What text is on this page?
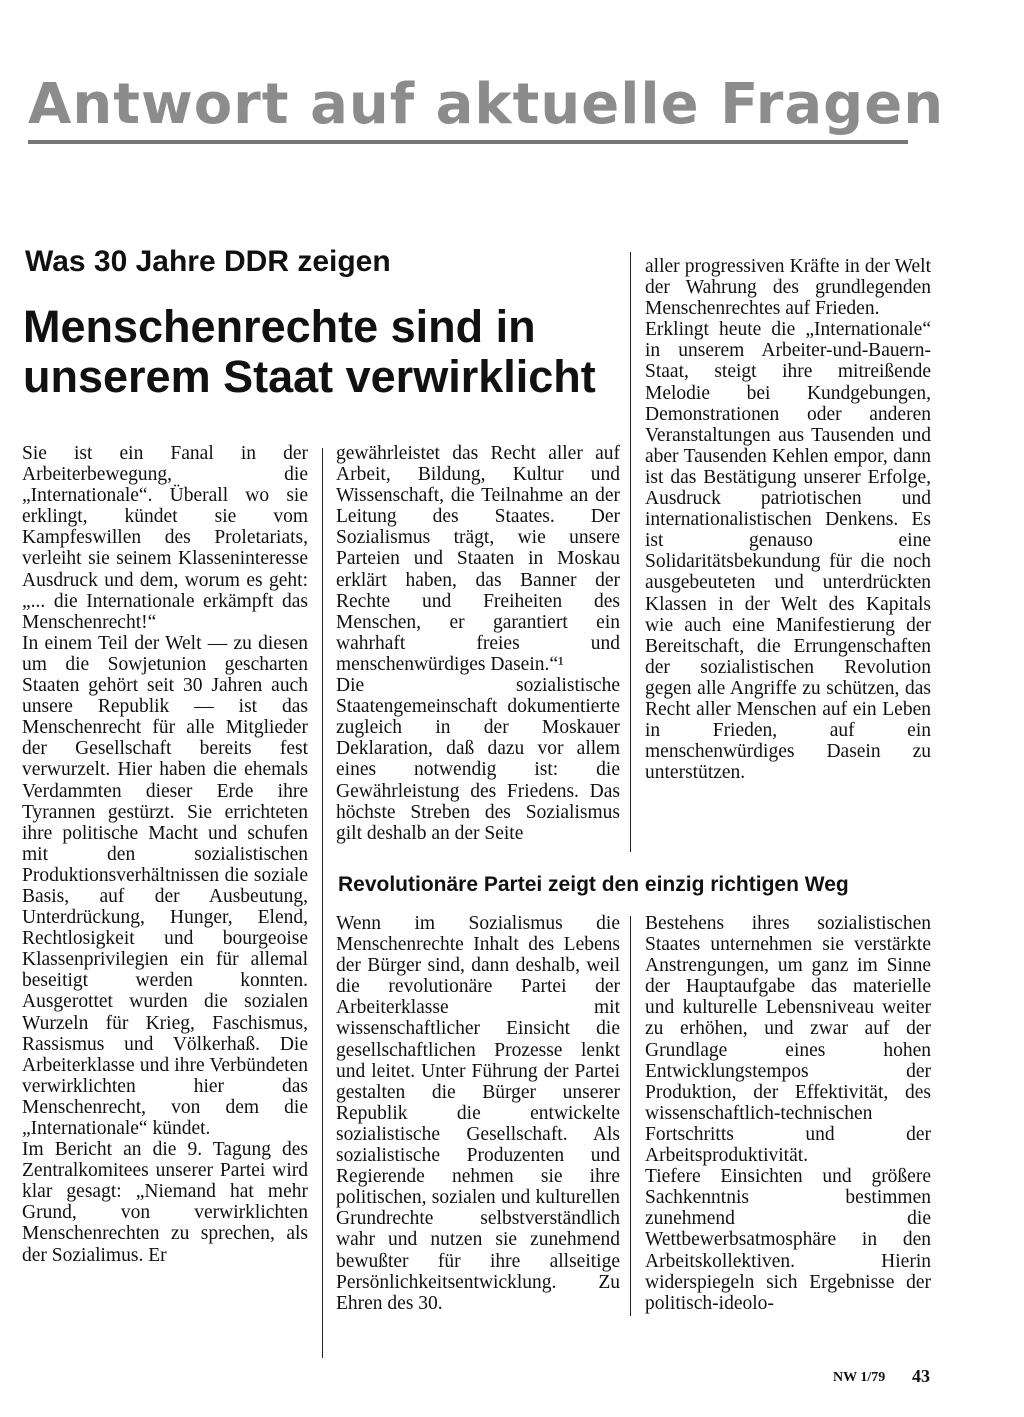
Antwort auf aktuelle Fragen
Was 30 Jahre DDR zeigen
Menschenrechte sind in unserem Staat verwirklicht

Sie ist ein Fanal in der Arbeiterbewegung, die „Internationale“. Überall wo sie erklingt, kündet sie vom Kampfeswillen des Proletariats, verleiht sie seinem Klasseninteresse Ausdruck und dem, worum es geht: „... die Internationale erkämpft das Menschenrecht!“

In einem Teil der Welt — zu diesen um die Sowjetunion gescharten Staaten gehört seit 30 Jahren auch unsere Republik — ist das Menschenrecht für alle Mitglieder der Gesellschaft bereits fest verwurzelt. Hier haben die ehemals Verdammten dieser Erde ihre Tyrannen gestürzt. Sie errichteten ihre politische Macht und schufen mit den sozialistischen Produktionsverhältnissen die soziale Basis, auf der Ausbeutung, Unterdrückung, Hunger, Elend, Rechtlosigkeit und bourgeoise Klassenprivilegien ein für allemal beseitigt werden konnten. Ausgerottet wurden die sozialen Wurzeln für Krieg, Faschismus, Rassismus und Völkerhaß. Die Arbeiterklasse und ihre Verbündeten verwirklichten hier das Menschenrecht, von dem die „Internationale“ kündet.

Im Bericht an die 9. Tagung des Zentralkomitees unserer Partei wird klar gesagt: „Niemand hat mehr Grund, von verwirklichten Menschenrechten zu sprechen, als der Sozialimus. Er

gewährleistet das Recht aller auf Arbeit, Bildung, Kultur und Wissenschaft, die Teilnahme an der Leitung des Staates. Der Sozialismus trägt, wie unsere Parteien und Staaten in Moskau erklärt haben, das Banner der Rechte und Freiheiten des Menschen, er garantiert ein wahrhaft freies und menschenwürdiges Dasein.“¹

Die sozialistische Staatengemeinschaft dokumentierte zugleich in der Moskauer Deklaration, daß dazu vor allem eines notwendig ist: die Gewährleistung des Friedens. Das höchste Streben des Sozialismus gilt deshalb an der Seite

aller progressiven Kräfte in der Welt der Wahrung des grundlegenden Menschenrechtes auf Frieden.

Erklingt heute die „Internationale“ in unserem Arbeiter-und-Bauern-Staat, steigt ihre mitreißende Melodie bei Kundgebungen, Demonstrationen oder anderen Veranstaltungen aus Tausenden und aber Tausenden Kehlen empor, dann ist das Bestätigung unserer Erfolge, Ausdruck patriotischen und internationalistischen Denkens. Es ist genauso eine Solidaritätsbekundung für die noch ausgebeuteten und unterdrückten Klassen in der Welt des Kapitals wie auch eine Manifestierung der Bereitschaft, die Errungenschaften der sozialistischen Revolution gegen alle Angriffe zu schützen, das Recht aller Menschen auf ein Leben in Frieden, auf ein menschenwürdiges Dasein zu unterstützen.

Revolutionäre Partei zeigt den einzig richtigen Weg

Wenn im Sozialismus die Menschenrechte Inhalt des Lebens der Bürger sind, dann deshalb, weil die revolutionäre Partei der Arbeiterklasse mit wissenschaftlicher Einsicht die gesellschaftlichen Prozesse lenkt und leitet. Unter Führung der Partei gestalten die Bürger unserer Republik die entwickelte sozialistische Gesellschaft. Als sozialistische Produzenten und Regierende nehmen sie ihre politischen, sozialen und kulturellen Grundrechte selbstverständlich wahr und nutzen sie zunehmend bewußter für ihre allseitige Persönlichkeitsentwicklung. Zu Ehren des 30.

Bestehens ihres sozialistischen Staates unternehmen sie verstärkte Anstrengungen, um ganz im Sinne der Hauptaufgabe das materielle und kulturelle Lebensniveau weiter zu erhöhen, und zwar auf der Grundlage eines hohen Entwicklungstempos der Produktion, der Effektivität, des wissenschaftlich-technischen Fortschritts und der Arbeitsproduktivität.

Tiefere Einsichten und größere Sachkenntnis bestimmen zunehmend die Wettbewerbsatmosphäre in den Arbeitskollektiven. Hierin widerspiegeln sich Ergebnisse der politisch-ideolo-

NW 1/79 43
